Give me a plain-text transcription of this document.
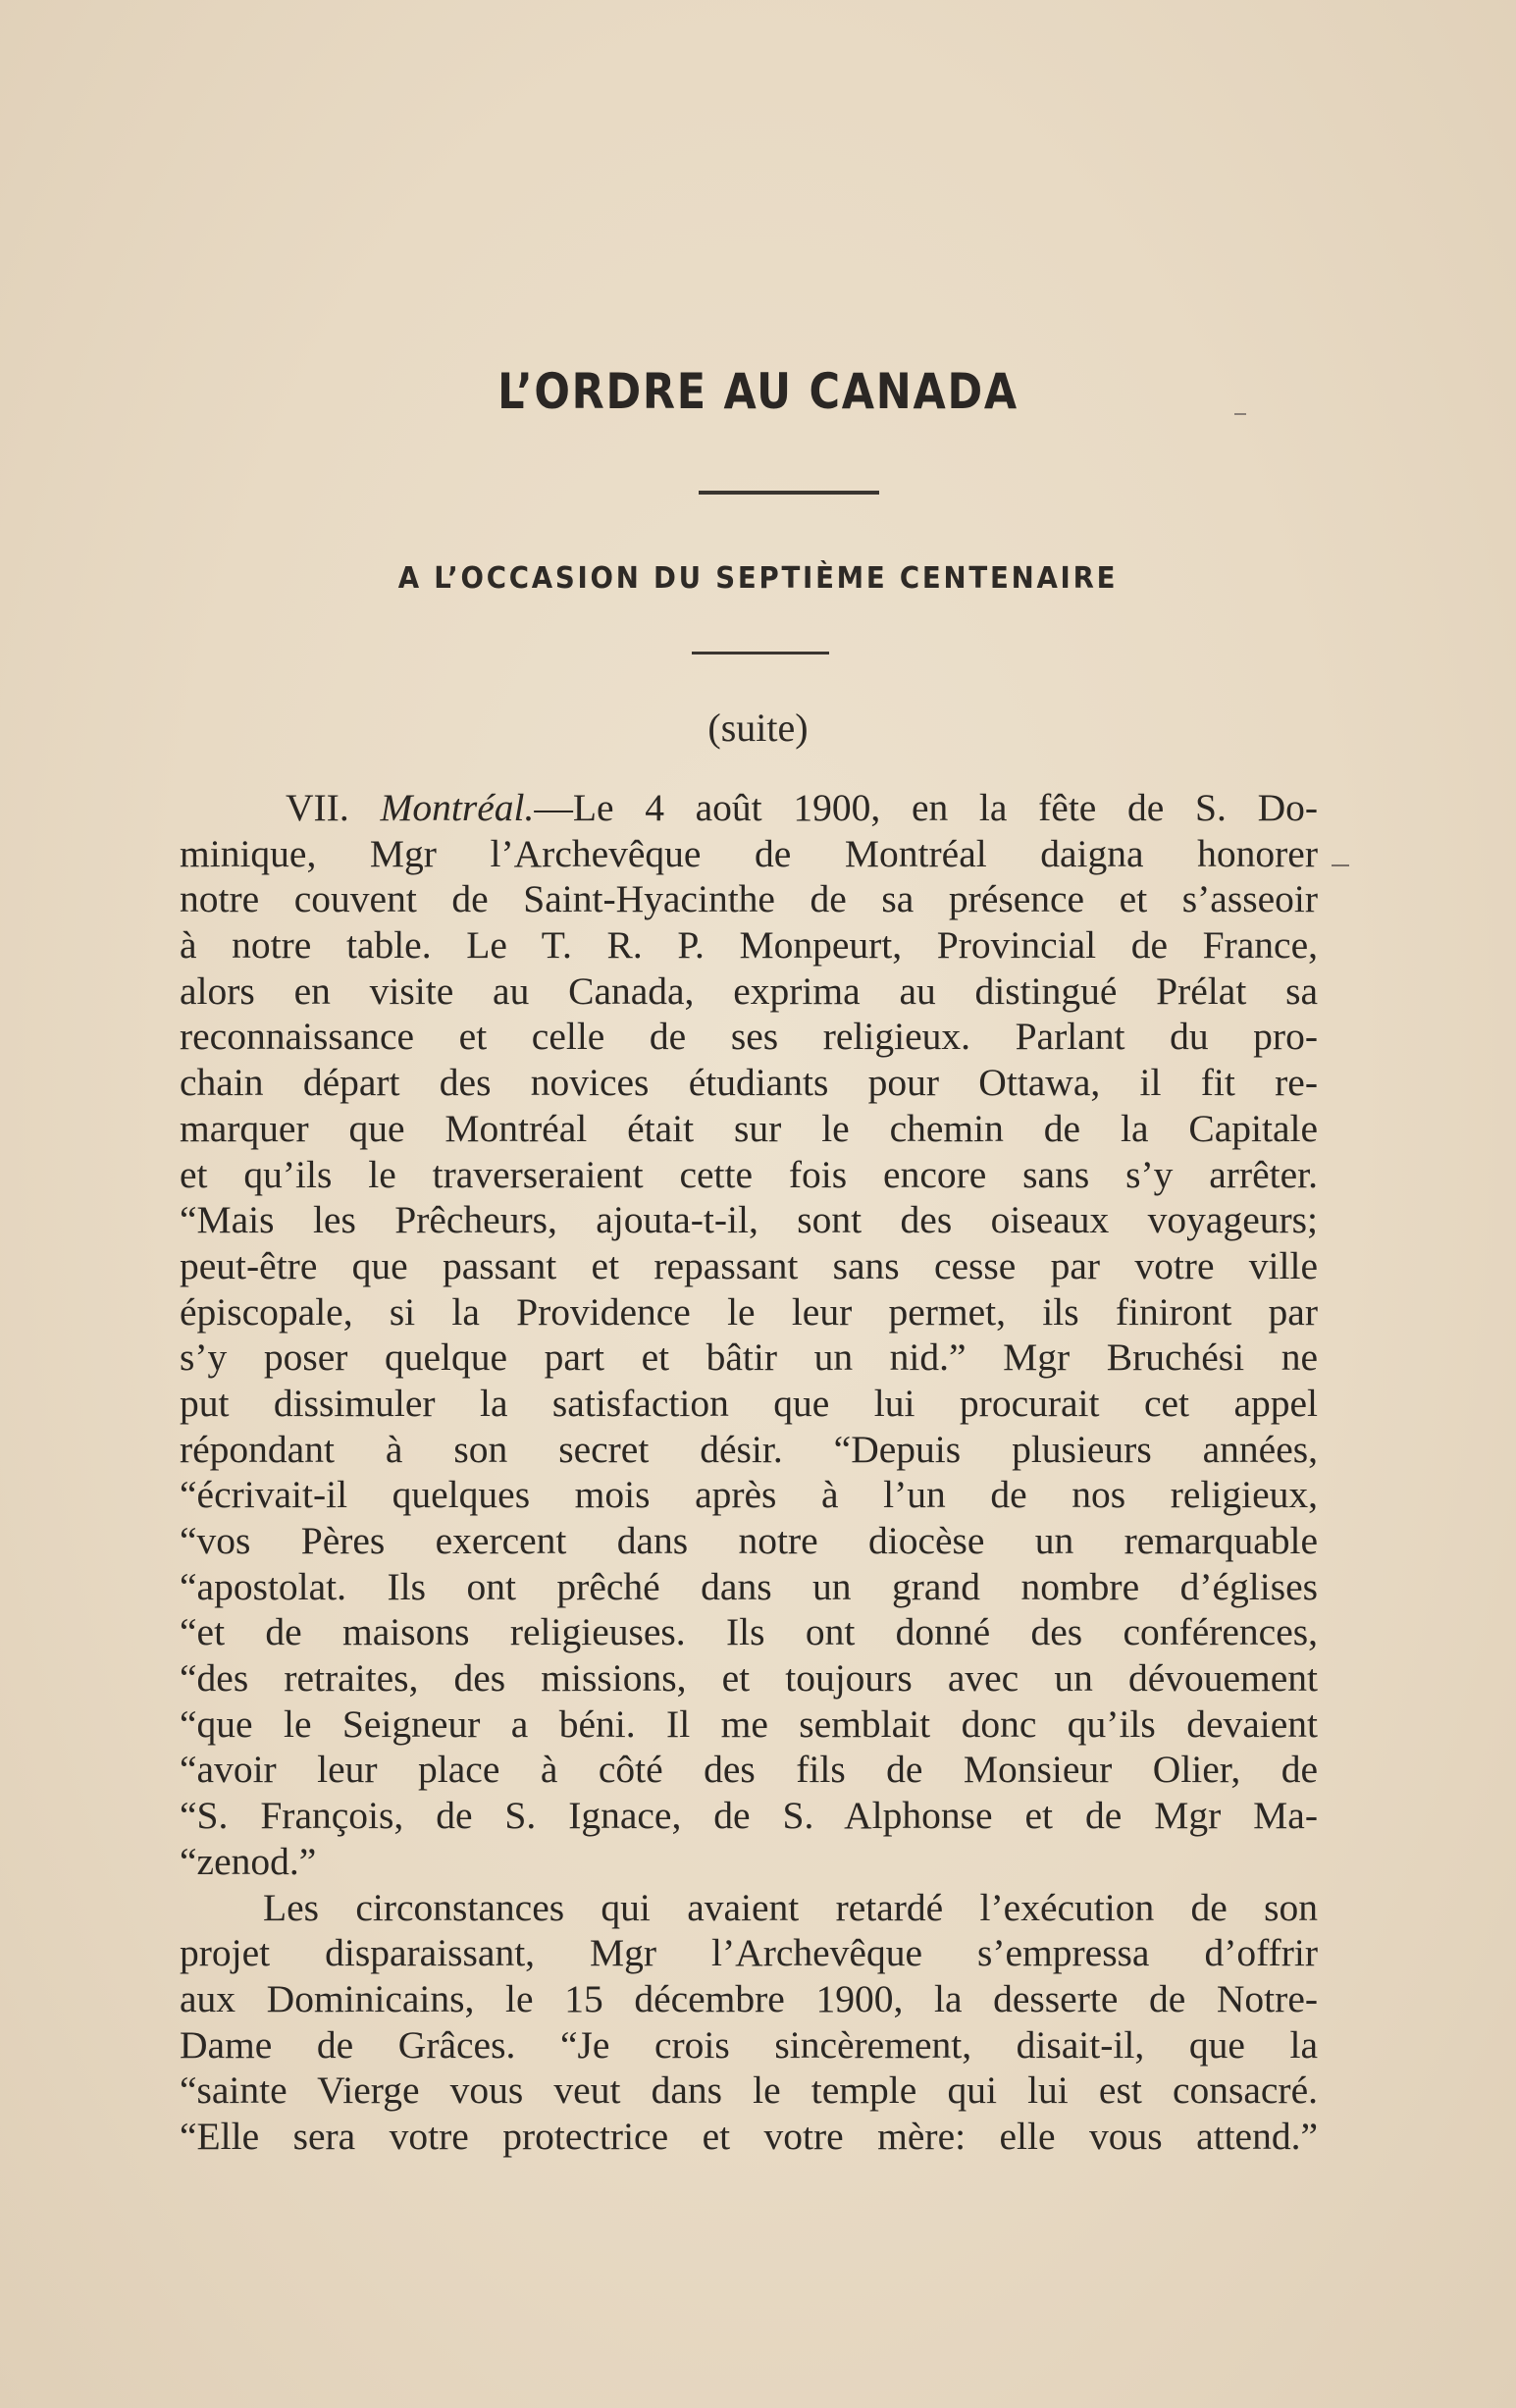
L’ORDRE AU CANADA
A L’OCCASION DU SEPTIÈME CENTENAIRE
(suite)
VII. Montréal.—Le 4 août 1900, en la fête de S. Do-
minique, Mgr l’Archevêque de Montréal daigna honorer
notre couvent de Saint-Hyacinthe de sa présence et s’asseoir
à notre table. Le T. R. P. Monpeurt, Provincial de France,
alors en visite au Canada, exprima au distingué Prélat sa
reconnaissance et celle de ses religieux. Parlant du pro-
chain départ des novices étudiants pour Ottawa, il fit re-
marquer que Montréal était sur le chemin de la Capitale
et qu’ils le traverseraient cette fois encore sans s’y arrêter.
“Mais les Prêcheurs, ajouta-t-il, sont des oiseaux voyageurs;
peut-être que passant et repassant sans cesse par votre ville
épiscopale, si la Providence le leur permet, ils finiront par
s’y poser quelque part et bâtir un nid.” Mgr Bruchési ne
put dissimuler la satisfaction que lui procurait cet appel
répondant à son secret désir. “Depuis plusieurs années,
“écrivait-il quelques mois après à l’un de nos religieux,
“vos Pères exercent dans notre diocèse un remarquable
“apostolat. Ils ont prêché dans un grand nombre d’églises
“et de maisons religieuses. Ils ont donné des conférences,
“des retraites, des missions, et toujours avec un dévouement
“que le Seigneur a béni. Il me semblait donc qu’ils devaient
“avoir leur place à côté des fils de Monsieur Olier, de
“S. François, de S. Ignace, de S. Alphonse et de Mgr Ma-
“zenod.”
Les circonstances qui avaient retardé l’exécution de son
projet disparaissant, Mgr l’Archevêque s’empressa d’offrir
aux Dominicains, le 15 décembre 1900, la desserte de Notre-
Dame de Grâces. “Je crois sincèrement, disait-il, que la
“sainte Vierge vous veut dans le temple qui lui est consacré.
“Elle sera votre protectrice et votre mère: elle vous attend.”
